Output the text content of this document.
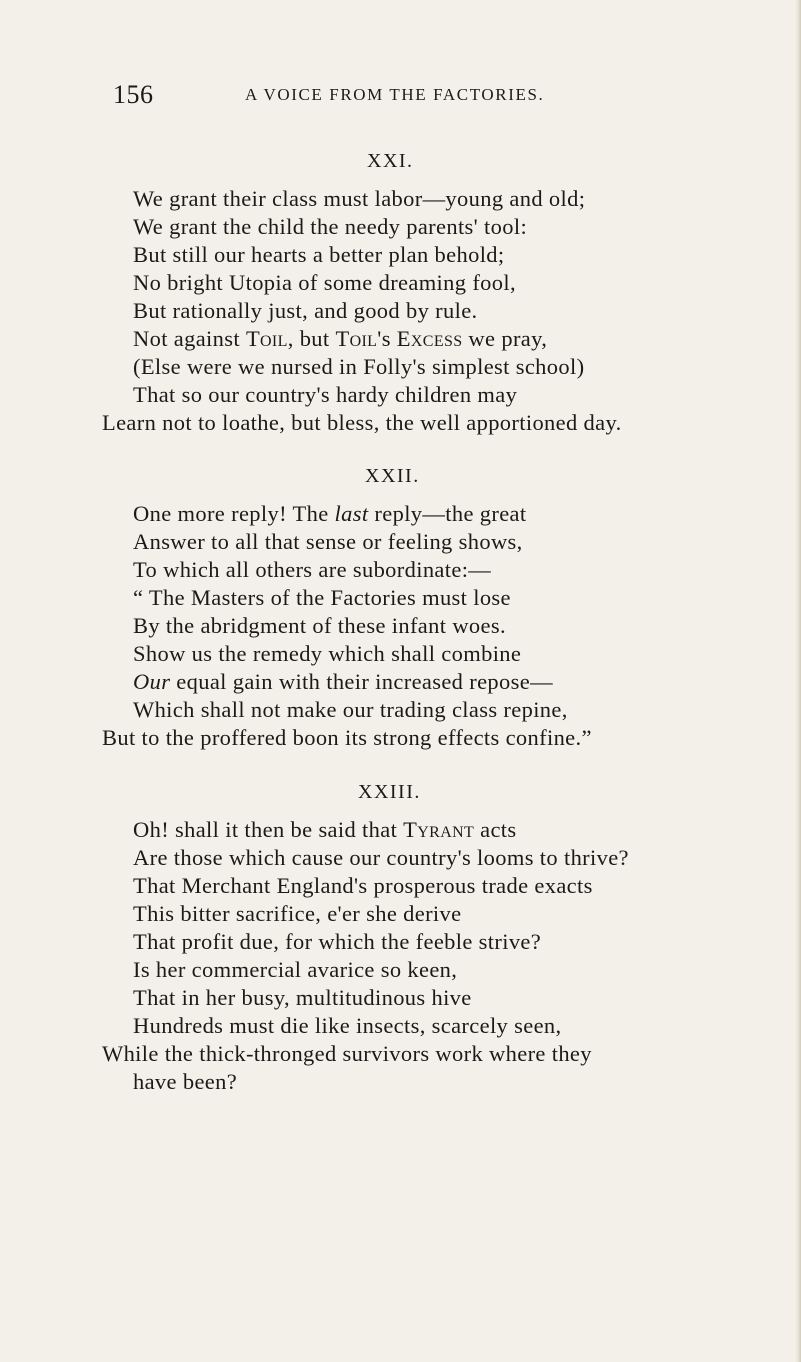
156	A VOICE FROM THE FACTORIES.
XXI.
We grant their class must labor—young and old;
We grant the child the needy parents' tool:
But still our hearts a better plan behold;
No bright Utopia of some dreaming fool,
But rationally just, and good by rule.
Not against Toil, but Toil's Excess we pray,
(Else were we nursed in Folly's simplest school)
That so our country's hardy children may
Learn not to loathe, but bless, the well apportioned day.
XXII.
One more reply! The last reply—the great
Answer to all that sense or feeling shows,
To which all others are subordinate:—
“ The Masters of the Factories must lose
By the abridgment of these infant woes.
Show us the remedy which shall combine
Our equal gain with their increased repose—
Which shall not make our trading class repine,
But to the proffered boon its strong effects confine.”
XXIII.
Oh! shall it then be said that Tyrant acts
Are those which cause our country's looms to thrive?
That Merchant England's prosperous trade exacts
This bitter sacrifice, e'er she derive
That profit due, for which the feeble strive?
Is her commercial avarice so keen,
That in her busy, multitudinous hive
Hundreds must die like insects, scarcely seen,
While the thick-thronged survivors work where they
have been?
